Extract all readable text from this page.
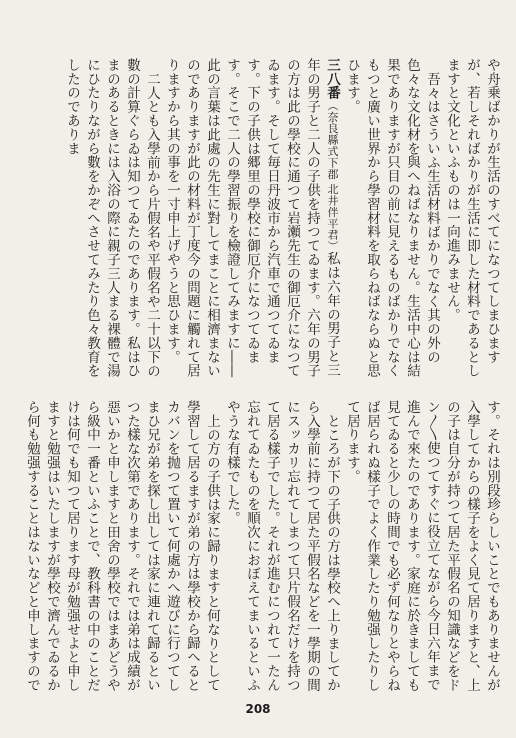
や舟乗ばかりが生活のすべてになつてしまひますが、若しそればかりが生活に即した材料であるとしますと文化といふものは一向進みません。

吾々はさういふ生活材料ばかりでなく其の外の色々な文化材を與へねばなりません。生活中心は結果でありますが只目の前に見えるものばかりでなくもつと廣い世界から學習材料を取らねばならぬと思ひます。

三八番（奈良縣式下郡 北井伴平君）私は六年の男子と三年の男子と二人の子供を持つてゐます。六年の男子の方は此の學校に通つて岩瀬先生の御厄介になつてゐます。そして毎日丹波市から汽車で通つてゐます。下の子供は郷里の學校に御厄介になつてゐます。そこで二人の學習振りを檢證してみますに――此の言葉は此處の先生に對してまことに相濟まないのでありますが此の材料が丁度今の問題に觸れて居りますから其の事を一寸申上げやうと思ひます。

二人とも入學前から片假名や平假名や二十以下の數の計算ぐらゐは知つてゐたのであります。私はひまのあるときには入浴の際に親子三人まる裸體で湯にひたりながら數をかぞへさせてみたり色々教育をしたのでありま

す。それは別段珍らしいことでもありませんが入學してからの樣子をよく見て居りますと、上の子は自分が持つて居た平假名の知識などをドン〳〵使つてすぐに役立てながら今日六年まで進んで來たのであります。家庭に於きましても見てゐると少しの時間でも必ず何なりとやらねば居られぬ樣子でよく作業したり勉强したりして居ります。

ところが下の子供の方は學校へ上りましてから入學前に持つて居た平假名などを一學期の間にスッカリ忘れてしまつて只片假名だけを持つて居る樣子でした。それが進むにつれて一たん忘れてゐたものを順次におぼえてまいるといふやうな有樣でした。

上の方の子供は家に歸りますと何なりとして學習して居るますが弟の方は學校から歸へるとカバンを抛つて置いて何處かへ遊びに行つてしまひ兄が弟を探し出しては家に連れて歸るといつた樣な次第であります。それでは弟は成績が惡いかと申しますと田舍の學校ではまあどうやら級中一番といふことで、教科書の中のことだけは何でも知つて居ります母が勉强せよと申しますと勉强はいたしますが學校で濟んでゐるから何も勉强することはないなどと申しますので

208
